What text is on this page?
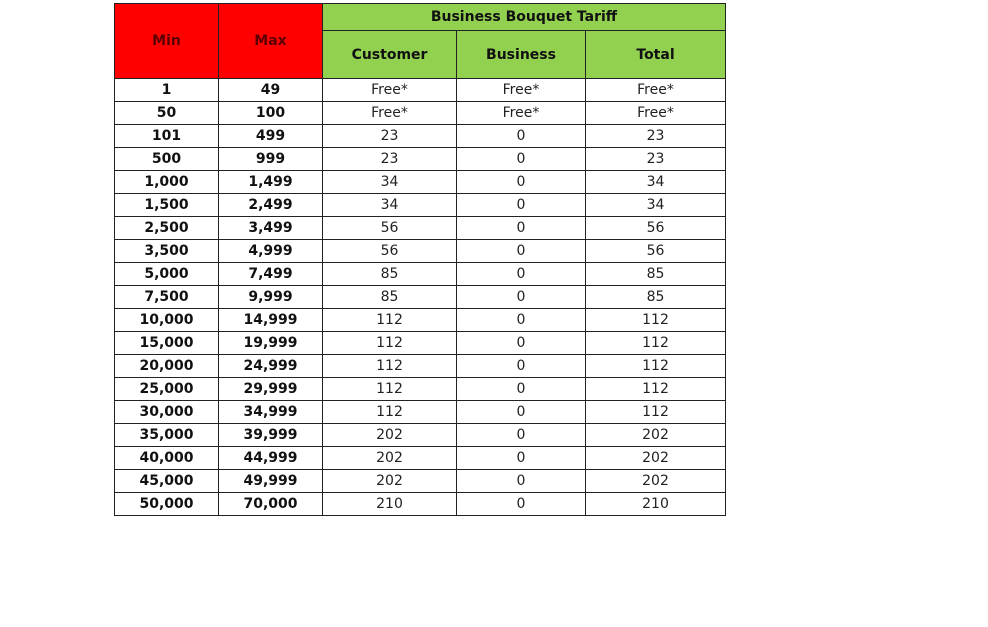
Min	Max	Business Bouquet Tariff		
		Customer	Business	Total
1	49	Free*	Free*	Free*
50	100	Free*	Free*	Free*
101	499	23	0	23
500	999	23	0	23
1,000	1,499	34	0	34
1,500	2,499	34	0	34
2,500	3,499	56	0	56
3,500	4,999	56	0	56
5,000	7,499	85	0	85
7,500	9,999	85	0	85
10,000	14,999	112	0	112
15,000	19,999	112	0	112
20,000	24,999	112	0	112
25,000	29,999	112	0	112
30,000	34,999	112	0	112
35,000	39,999	202	0	202
40,000	44,999	202	0	202
45,000	49,999	202	0	202
50,000	70,000	210	0	210
